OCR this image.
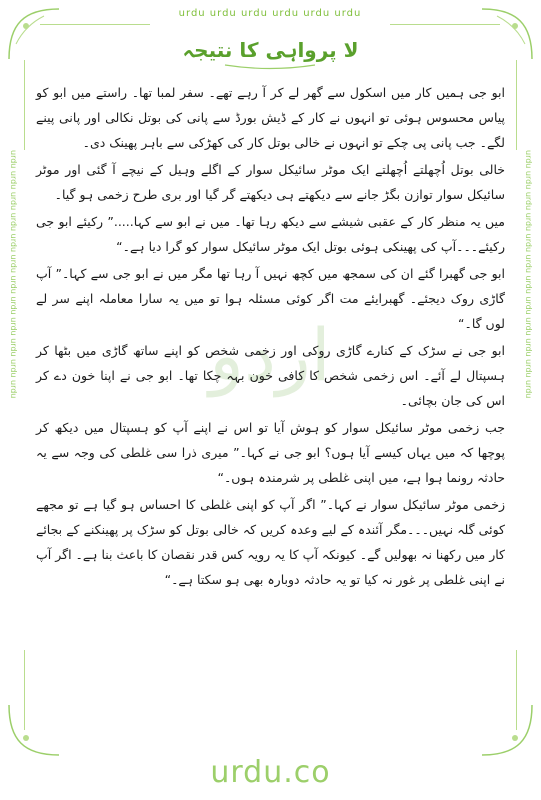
urdu urdu urdu urdu urdu urdu
urdu urdu urdu urdu urdu urdu urdu urdu urdu urdu urdu urdu	urdu urdu urdu urdu urdu urdu urdu urdu urdu urdu urdu urdu
اردو
لا پرواہی کا نتیجہ

ابو جی ہمیں کار میں اسکول سے گھر لے کر آ رہے تھے۔ سفر لمبا تھا۔ راستے میں ابو کو پیاس محسوس ہوئی تو انہوں نے کار کے ڈیش بورڈ سے پانی کی بوتل نکالی اور پانی پینے لگے۔ جب پانی پی چکے تو انہوں نے خالی بوتل کار کی کھڑکی سے باہر پھینک دی۔

خالی بوتل اُچھلتے اُچھلتے ایک موٹر سائیکل سوار کے اگلے وہیل کے نیچے آ گئی اور موٹر سائیکل سوار توازن بگڑ جانے سے دیکھتے ہی دیکھتے گر گیا اور بری طرح زخمی ہو گیا۔

میں یہ منظر کار کے عقبی شیشے سے دیکھ رہا تھا۔ میں نے ابو سے کہا.....” رکیئے ابو جی رکیئے۔۔۔آپ کی پھینکی ہوئی بوتل ایک موٹر سائیکل سوار کو گرا دیا ہے۔“

ابو جی گھبرا گئے ان کی سمجھ میں کچھ نہیں آ رہا تھا مگر میں نے ابو جی سے کہا۔” آپ گاڑی روک دیجئے۔ گھبرایئے مت اگر کوئی مسئلہ ہوا تو میں یہ سارا معاملہ اپنے سر لے لوں گا۔“

ابو جی نے سڑک کے کنارے گاڑی روکی اور زخمی شخص کو اپنے ساتھ گاڑی میں بٹھا کر ہسپتال لے آئے۔ اس زخمی شخص کا کافی خون بہہ چکا تھا۔ ابو جی نے اپنا خون دے کر اس کی جان بچائی۔

جب زخمی موٹر سائیکل سوار کو ہوش آیا تو اس نے اپنے آپ کو ہسپتال میں دیکھ کر پوچھا کہ میں یہاں کیسے آیا ہوں؟ ابو جی نے کہا۔” میری ذرا سی غلطی کی وجہ سے یہ حادثہ رونما ہوا ہے، میں اپنی غلطی پر شرمندہ ہوں۔“

زخمی موٹر سائیکل سوار نے کہا۔” اگر آپ کو اپنی غلطی کا احساس ہو گیا ہے تو مجھے کوئی گلہ نہیں۔۔۔مگر آئندہ کے لیے وعدہ کریں کہ خالی بوتل کو سڑک پر پھینکنے کے بجائے کار میں رکھنا نہ بھولیں گے۔ کیونکہ آپ کا یہ رویہ کس قدر نقصان کا باعث بنا ہے۔ اگر آپ نے اپنی غلطی پر غور نہ کیا تو یہ حادثہ دوبارہ بھی ہو سکتا ہے۔“

urdu.co
